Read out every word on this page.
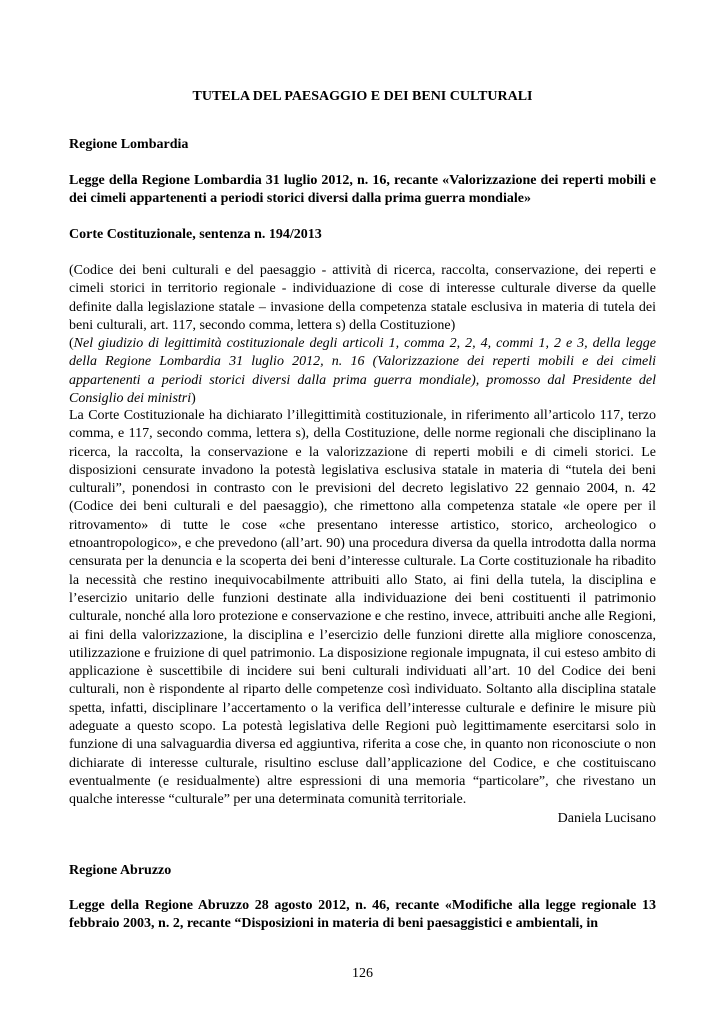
TUTELA DEL PAESAGGIO E DEI BENI CULTURALI

Regione Lombardia

Legge della Regione Lombardia 31 luglio 2012, n. 16, recante «Valorizzazione dei reperti mobili e dei cimeli appartenenti a periodi storici diversi dalla prima guerra mondiale»

Corte Costituzionale, sentenza n. 194/2013

(Codice dei beni culturali e del paesaggio - attività di ricerca, raccolta, conservazione, dei reperti e cimeli storici in territorio regionale - individuazione di cose di interesse culturale diverse da quelle definite dalla legislazione statale – invasione della competenza statale esclusiva in materia di tutela dei beni culturali, art. 117, secondo comma, lettera s) della Costituzione)

(Nel giudizio di legittimità costituzionale degli articoli 1, comma 2, 2, 4, commi 1, 2 e 3, della legge della Regione Lombardia 31 luglio 2012, n. 16 (Valorizzazione dei reperti mobili e dei cimeli appartenenti a periodi storici diversi dalla prima guerra mondiale), promosso dal Presidente del Consiglio dei ministri)

La Corte Costituzionale ha dichiarato l’illegittimità costituzionale, in riferimento all’articolo 117, terzo comma, e 117, secondo comma, lettera s), della Costituzione, delle norme regionali che disciplinano la ricerca, la raccolta, la conservazione e la valorizzazione di reperti mobili e di cimeli storici. Le disposizioni censurate invadono la potestà legislativa esclusiva statale in materia di “tutela dei beni culturali”, ponendosi in contrasto con le previsioni del decreto legislativo 22 gennaio 2004, n. 42 (Codice dei beni culturali e del paesaggio), che rimettono alla competenza statale «le opere per il ritrovamento» di tutte le cose «che presentano interesse artistico, storico, archeologico o etnoantropologico», e che prevedono (all’art. 90) una procedura diversa da quella introdotta dalla norma censurata per la denuncia e la scoperta dei beni d’interesse culturale. La Corte costituzionale ha ribadito la necessità che restino inequivocabilmente attribuiti allo Stato, ai fini della tutela, la disciplina e l’esercizio unitario delle funzioni destinate alla individuazione dei beni costituenti il patrimonio culturale, nonché alla loro protezione e conservazione e che restino, invece, attribuiti anche alle Regioni, ai fini della valorizzazione, la disciplina e l’esercizio delle funzioni dirette alla migliore conoscenza, utilizzazione e fruizione di quel patrimonio. La disposizione regionale impugnata, il cui esteso ambito di applicazione è suscettibile di incidere sui beni culturali individuati all’art. 10 del Codice dei beni culturali, non è rispondente al riparto delle competenze così individuato. Soltanto alla disciplina statale spetta, infatti, disciplinare l’accertamento o la verifica dell’interesse culturale e definire le misure più adeguate a questo scopo. La potestà legislativa delle Regioni può legittimamente esercitarsi solo in funzione di una salvaguardia diversa ed aggiuntiva, riferita a cose che, in quanto non riconosciute o non dichiarate di interesse culturale, risultino escluse dall’applicazione del Codice, e che costituiscano eventualmente (e residualmente) altre espressioni di una memoria “particolare”, che rivestano un qualche interesse “culturale” per una determinata comunità territoriale.

Daniela Lucisano

Regione Abruzzo

Legge della Regione Abruzzo 28 agosto 2012, n. 46, recante «Modifiche alla legge regionale 13 febbraio 2003, n. 2, recante “Disposizioni in materia di beni paesaggistici e ambientali, in

126
